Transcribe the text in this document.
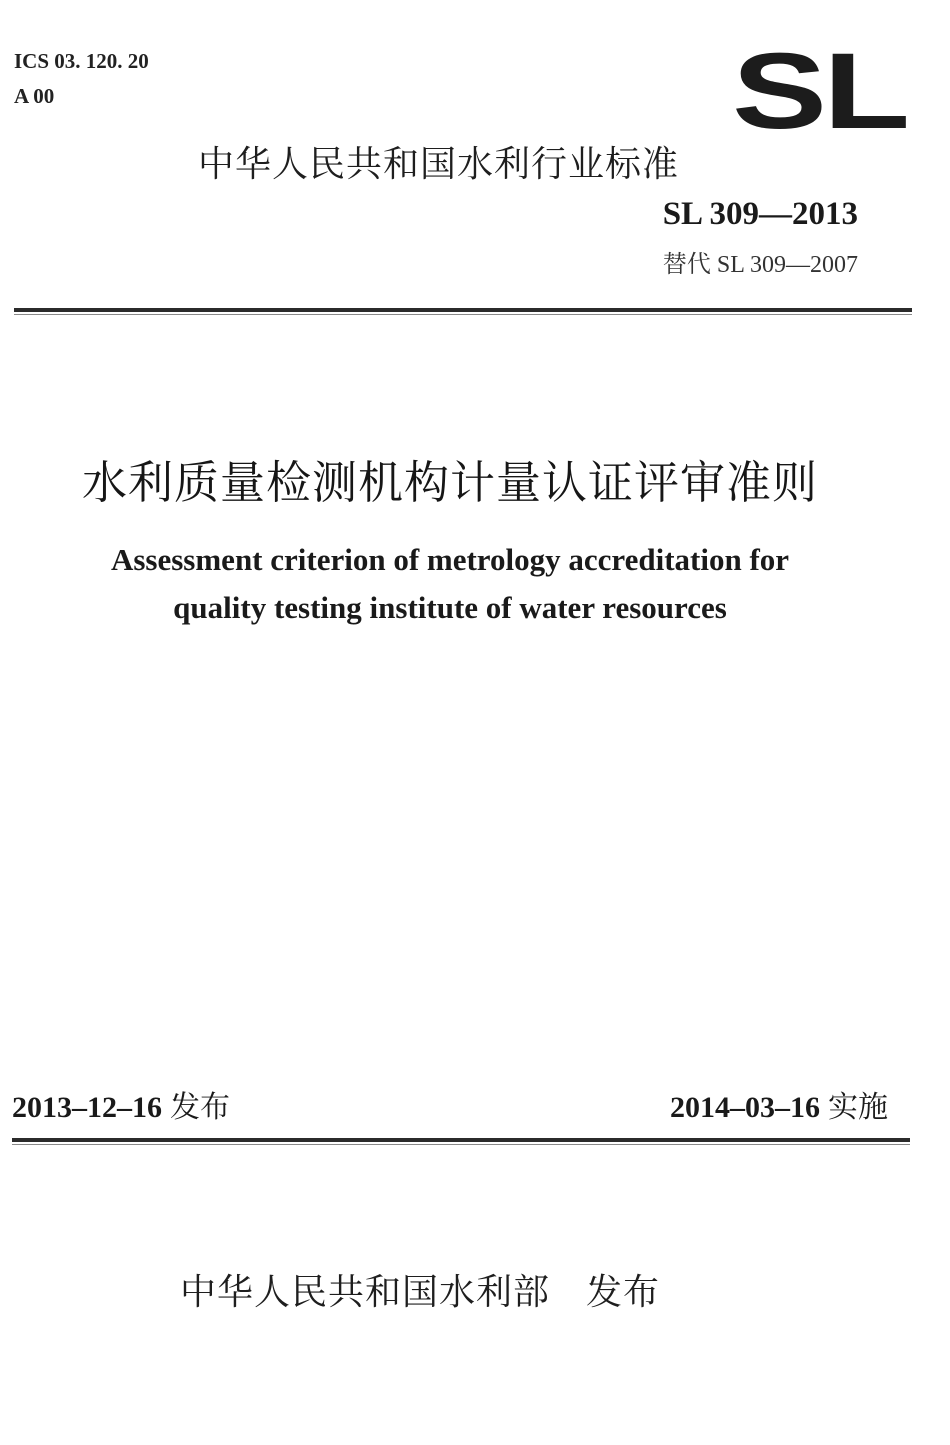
ICS 03. 120. 20
A 00	SL
中华人民共和国水利行业标准
SL 309—2013
替代 SL 309—2007
水利质量检测机构计量认证评审准则
Assessment criterion of metrology accreditation for
quality testing institute of water resources
2013–12–16 发布	2014–03–16 实施
中华人民共和国水利部 发布
